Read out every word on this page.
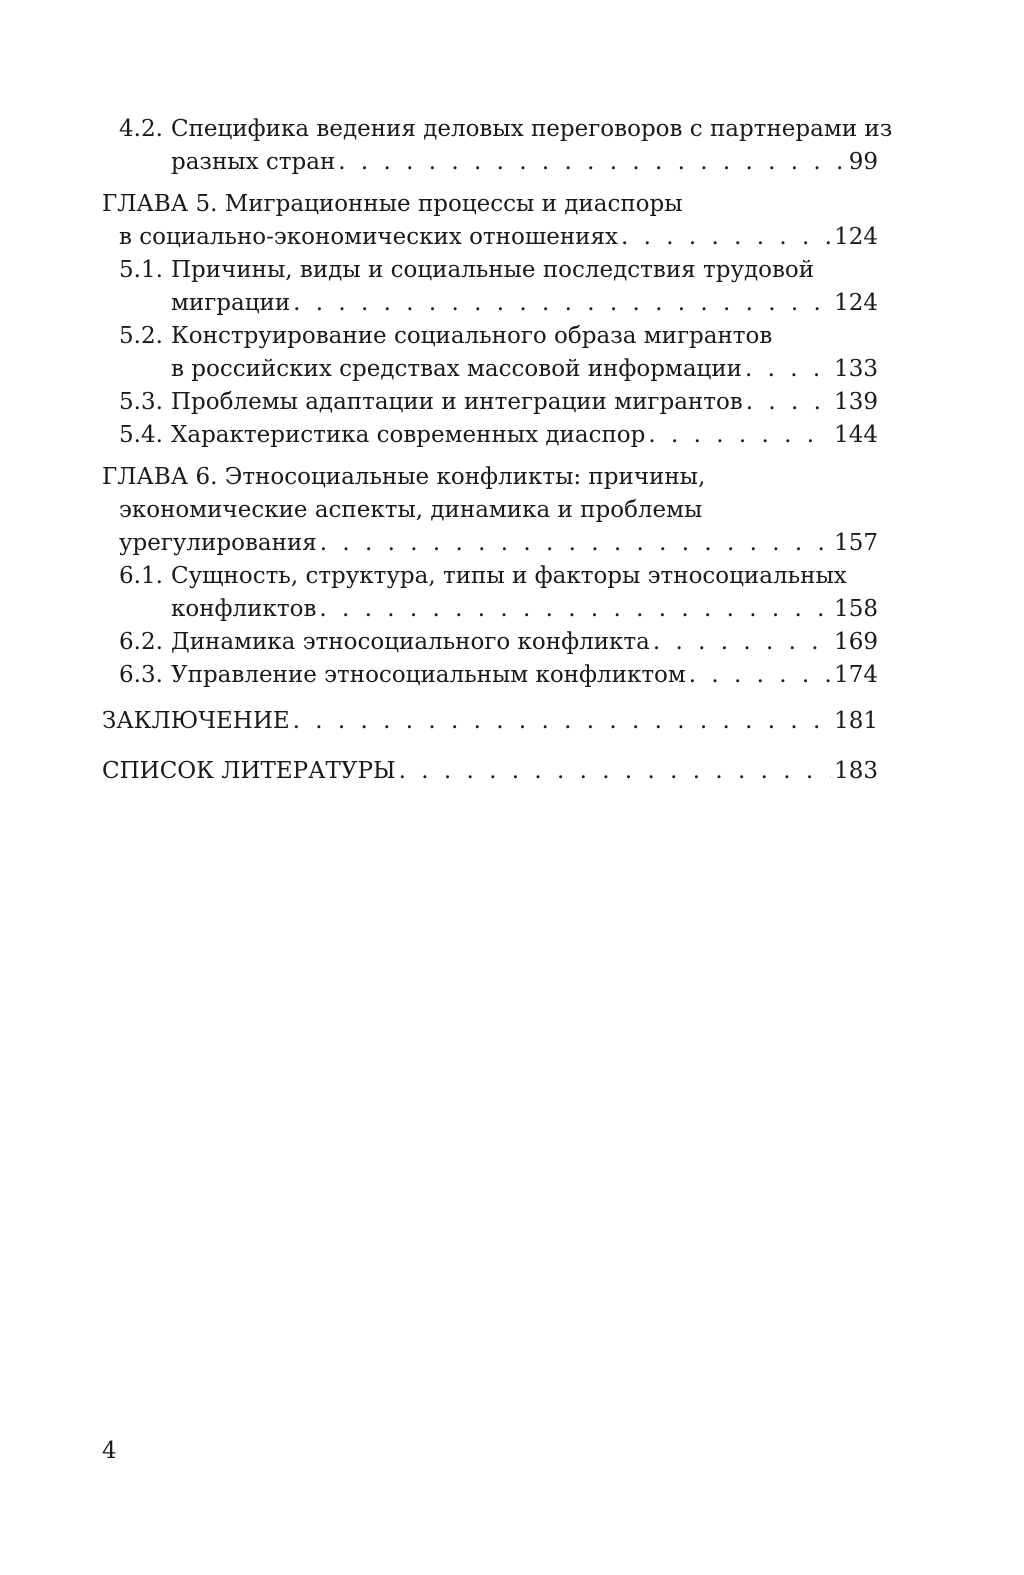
4.2. Специфика ведения деловых переговоров с партнерами из
разных стран . . .	99
ГЛАВА 5. Миграционные процессы и диаспоры
в социально-экономических отношениях . . .	124
5.1. Причины, виды и социальные последствия трудовой
миграции . . .	124
5.2. Конструирование социального образа мигрантов
в российских средствах массовой информации . . .	133
5.3. Проблемы адаптации и интеграции мигрантов . . .	139
5.4. Характеристика современных диаспор . . .	144
ГЛАВА 6. Этносоциальные конфликты: причины,
экономические аспекты, динамика и проблемы
урегулирования . . .	157
6.1. Сущность, структура, типы и факторы этносоциальных
конфликтов . . .	158
6.2. Динамика этносоциального конфликта . . .	169
6.3. Управление этносоциальным конфликтом . . .	174
ЗАКЛЮЧЕНИЕ . . .	181
СПИСОК ЛИТЕРАТУРЫ . . .	183
4
